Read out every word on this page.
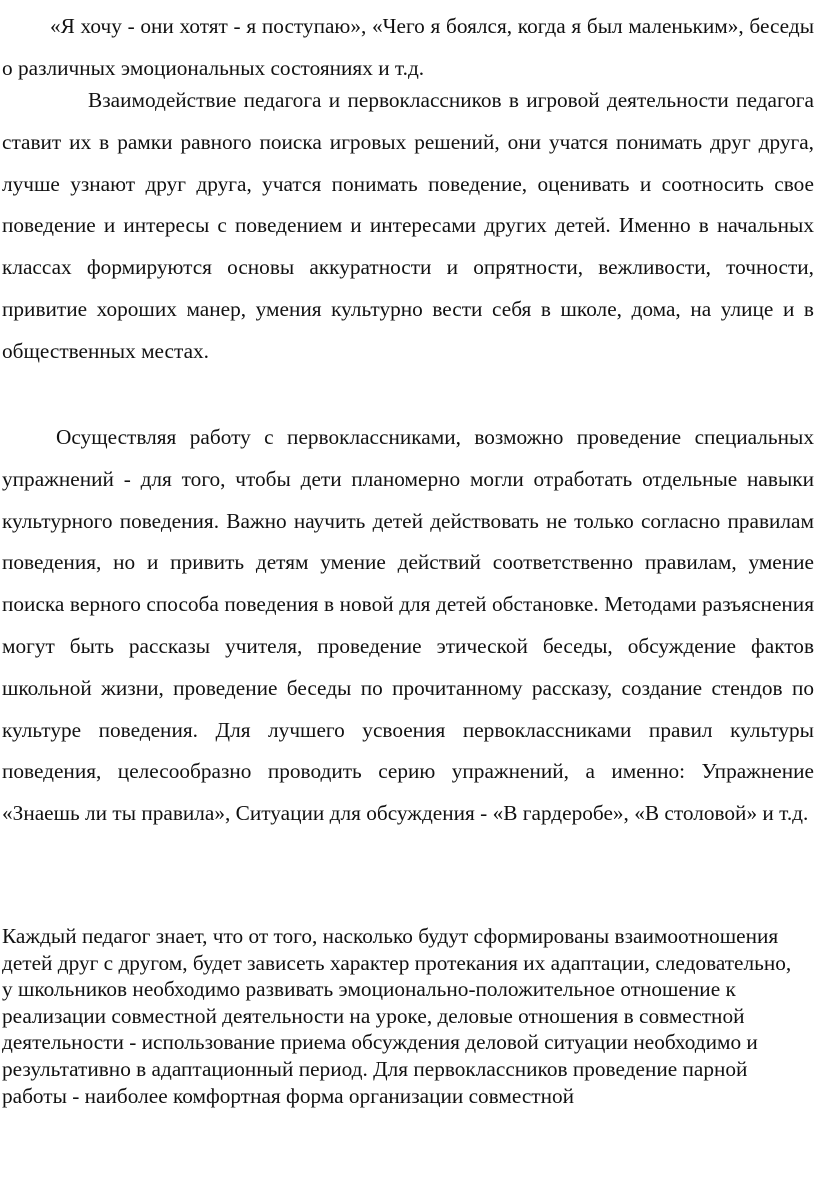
«Я хочу - они хотят - я поступаю», «Чего я боялся, когда я был маленьким», беседы о различных эмоциональных состояниях и т.д.

Взаимодействие педагога и первоклассников в игровой деятельности педагога ставит их в рамки равного поиска игровых решений, они учатся понимать друг друга, лучше узнают друг друга, учатся понимать поведение, оценивать и соотносить свое поведение и интересы с поведением и интересами других детей. Именно в начальных классах формируются основы аккуратности и опрятности, вежливости, точности, привитие хороших манер, умения культурно вести себя в школе, дома, на улице и в общественных местах.

Осуществляя работу с первоклассниками, возможно проведение специальных упражнений - для того, чтобы дети планомерно могли отработать отдельные навыки культурного поведения. Важно научить детей действовать не только согласно правилам поведения, но и привить детям умение действий соответственно правилам, умение поиска верного способа поведения в новой для детей обстановке. Методами разъяснения могут быть рассказы учителя, проведение этической беседы, обсуждение фактов школьной жизни, проведение беседы по прочитанному рассказу, создание стендов по культуре поведения. Для лучшего усвоения первоклассниками правил культуры поведения, целесообразно проводить серию упражнений, а именно: Упражнение «Знаешь ли ты правила», Ситуации для обсуждения - «В гардеробе», «В столовой» и т.д.

Каждый педагог знает, что от того, насколько будут сформированы взаимоотношения детей друг с другом, будет зависеть характер протекания их адаптации, следовательно, у школьников необходимо развивать эмоционально-положительное отношение к реализации совместной деятельности на уроке, деловые отношения в совместной деятельности - использование приема обсуждения деловой ситуации необходимо и результативно в адаптационный период. Для первоклассников проведение парной работы - наиболее комфортная форма организации совместной
